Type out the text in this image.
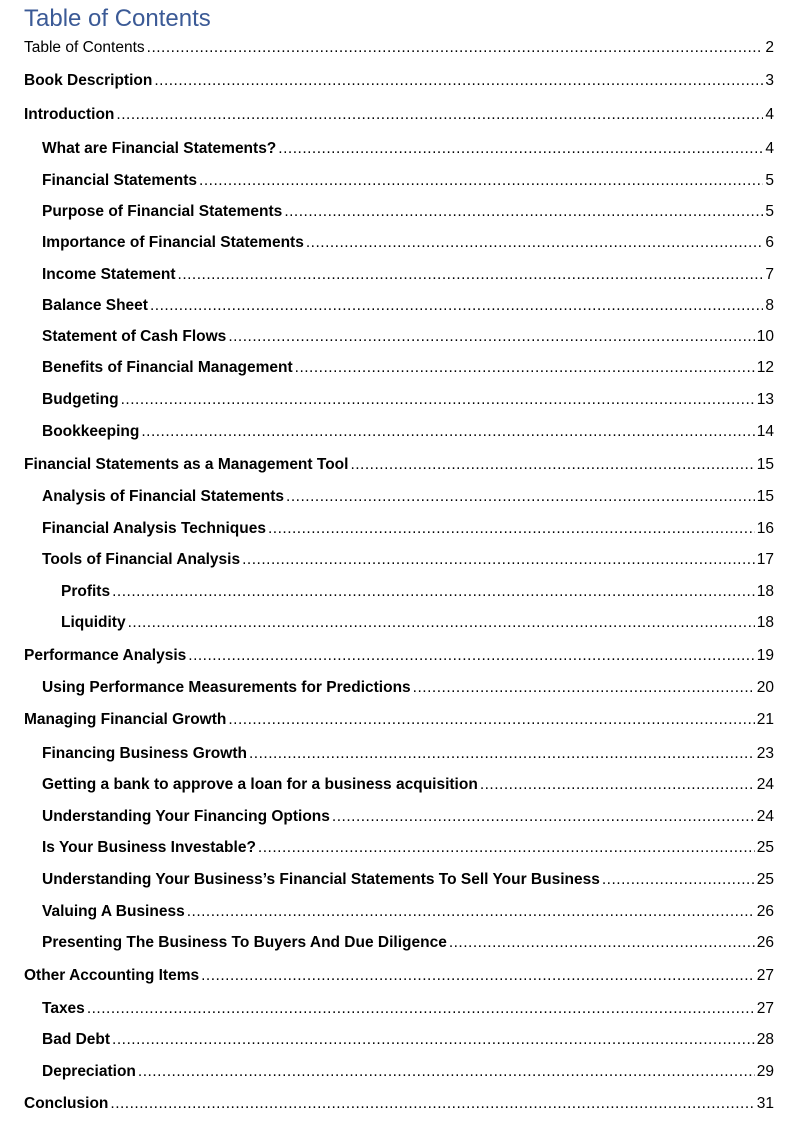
Table of Contents
Table of Contents .....	2
Book Description .....	3
Introduction .....	4
What are Financial Statements? .....	4
Financial Statements .....	5
Purpose of Financial Statements .....	5
Importance of Financial Statements .....	6
Income Statement .....	7
Balance Sheet .....	8
Statement of Cash Flows .....	10
Benefits of Financial Management .....	12
Budgeting .....	13
Bookkeeping .....	14
Financial Statements as a Management Tool .....	15
Analysis of Financial Statements .....	15
Financial Analysis Techniques .....	16
Tools of Financial Analysis .....	17
Profits .....	18
Liquidity .....	18
Performance Analysis .....	19
Using Performance Measurements for Predictions .....	20
Managing Financial Growth .....	21
Financing Business Growth .....	23
Getting a bank to approve a loan for a business acquisition .....	24
Understanding Your Financing Options .....	24
Is Your Business Investable? .....	25
Understanding Your Business’s Financial Statements To Sell Your Business .....	25
Valuing A Business .....	26
Presenting The Business To Buyers And Due Diligence .....	26
Other Accounting Items .....	27
Taxes .....	27
Bad Debt .....	28
Depreciation .....	29
Conclusion .....	31
